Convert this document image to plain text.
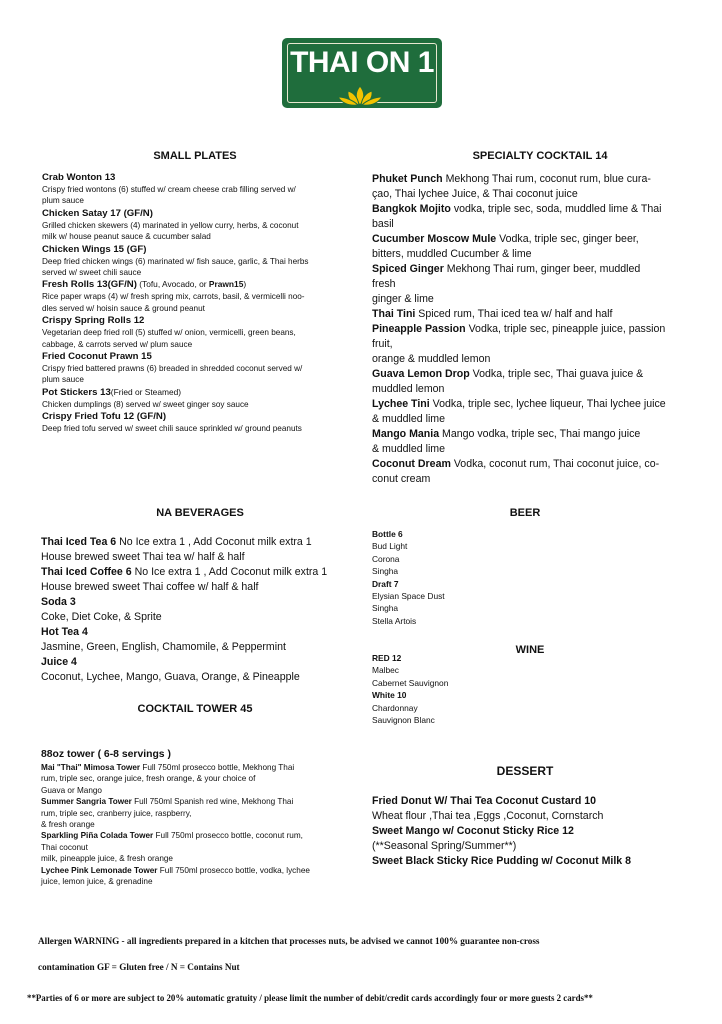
THAI ON 1
SMALL PLATES
Crab Wonton 13
Crispy fried wontons (6) stuffed w/ cream cheese crab filling served w/
plum sauce
Chicken Satay 17 (GF/N)
Grilled chicken skewers (4) marinated in yellow curry, herbs, & coconut
milk w/ house peanut sauce & cucumber salad
Chicken Wings 15 (GF)
Deep fried chicken wings (6) marinated w/ fish sauce, garlic, & Thai herbs
served w/ sweet chili sauce
Fresh Rolls 13(GF/N) (Tofu, Avocado, or Prawn15)
Rice paper wraps (4) w/ fresh spring mix, carrots, basil, & vermicelli noo-
dles served w/ hoisin sauce & ground peanut
Crispy Spring Rolls 12
Vegetarian deep fried roll (5) stuffed w/ onion, vermicelli, green beans,
cabbage, & carrots served w/ plum sauce
Fried Coconut Prawn 15
Crispy fried battered prawns (6) breaded in shredded coconut served w/
plum sauce
Pot Stickers 13(Fried or Steamed)
Chicken dumplings (8) served w/ sweet ginger soy sauce
Crispy Fried Tofu 12 (GF/N)
Deep fried tofu served w/ sweet chili sauce sprinkled w/ ground peanuts
SPECIALTY COCKTAIL 14
Phuket Punch Mekhong Thai rum, coconut rum, blue cura-
çao, Thai lychee Juice, & Thai coconut juice
Bangkok Mojito vodka, triple sec, soda, muddled lime & Thai
basil
Cucumber Moscow Mule Vodka, triple sec, ginger beer,
bitters, muddled Cucumber & lime
Spiced Ginger Mekhong Thai rum, ginger beer, muddled
fresh
ginger & lime
Thai Tini Spiced rum, Thai iced tea w/ half and half
Pineapple Passion Vodka, triple sec, pineapple juice, passion
fruit,
orange & muddled lemon
Guava Lemon Drop Vodka, triple sec, Thai guava juice &
muddled lemon
Lychee Tini Vodka, triple sec, lychee liqueur, Thai lychee juice
& muddled lime
Mango Mania Mango vodka, triple sec, Thai mango juice
& muddled lime
Coconut Dream Vodka, coconut rum, Thai coconut juice, co-
conut cream
NA BEVERAGES
Thai Iced Tea 6 No Ice extra 1 , Add Coconut milk extra 1
House brewed sweet Thai tea w/ half & half
Thai Iced Coffee 6 No Ice extra 1 , Add Coconut milk extra 1
House brewed sweet Thai coffee w/ half & half
Soda 3
Coke, Diet Coke, & Sprite
Hot Tea 4
Jasmine, Green, English, Chamomile, & Peppermint
Juice 4
Coconut, Lychee, Mango, Guava, Orange, & Pineapple
COCKTAIL TOWER 45
88oz tower ( 6-8 servings )
Mai "Thai" Mimosa Tower Full 750ml prosecco bottle, Mekhong Thai
rum, triple sec, orange juice, fresh orange, & your choice of
Guava or Mango
Summer Sangria Tower Full 750ml Spanish red wine, Mekhong Thai
rum, triple sec, cranberry juice, raspberry,
& fresh orange
Sparkling Piña Colada Tower Full 750ml prosecco bottle, coconut rum,
Thai coconut
milk, pineapple juice, & fresh orange
Lychee Pink Lemonade Tower Full 750ml prosecco bottle, vodka, lychee
juice, lemon juice, & grenadine
BEER
Bottle 6
Bud Light
Corona
Singha
Draft 7
Elysian Space Dust
Singha
Stella Artois
WINE
RED 12
Malbec
Cabernet Sauvignon
White 10
Chardonnay
Sauvignon Blanc
DESSERT
Fried Donut W/ Thai Tea Coconut Custard 10
Wheat flour ,Thai tea ,Eggs ,Coconut, Cornstarch
Sweet Mango w/ Coconut Sticky Rice 12
(**Seasonal Spring/Summer**)
Sweet Black Sticky Rice Pudding w/ Coconut Milk 8
Allergen WARNING - all ingredients prepared in a kitchen that processes nuts, be advised we cannot 100% guarantee non-cross
contamination GF = Gluten free / N = Contains Nut
**Parties of 6 or more are subject to 20% automatic gratuity / please limit the number of debit/credit cards accordingly four or more guests 2 cards**
